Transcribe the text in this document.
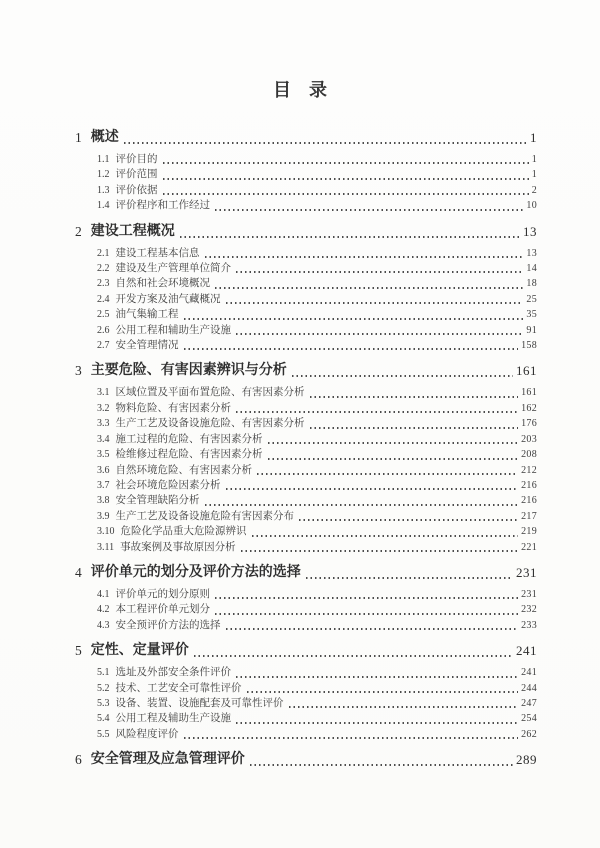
目　录
1 概述	1
1.1 评价目的	1
1.2 评价范围	1
1.3 评价依据	2
1.4 评价程序和工作经过	10
2 建设工程概况	13
2.1 建设工程基本信息	13
2.2 建设及生产管理单位简介	14
2.3 自然和社会环境概况	18
2.4 开发方案及油气藏概况	25
2.5 油气集输工程	35
2.6 公用工程和辅助生产设施	91
2.7 安全管理情况	158
3 主要危险、有害因素辨识与分析	161
3.1 区域位置及平面布置危险、有害因素分析	161
3.2 物料危险、有害因素分析	162
3.3 生产工艺及设备设施危险、有害因素分析	176
3.4 施工过程的危险、有害因素分析	203
3.5 检维修过程危险、有害因素分析	208
3.6 自然环境危险、有害因素分析	212
3.7 社会环境危险因素分析	216
3.8 安全管理缺陷分析	216
3.9 生产工艺及设备设施危险有害因素分布	217
3.10 危险化学品重大危险源辨识	219
3.11 事故案例及事故原因分析	221
4 评价单元的划分及评价方法的选择	231
4.1 评价单元的划分原则	231
4.2 本工程评价单元划分	232
4.3 安全预评价方法的选择	233
5 定性、定量评价	241
5.1 选址及外部安全条件评价	241
5.2 技术、工艺安全可靠性评价	244
5.3 设备、装置、设施配套及可靠性评价	247
5.4 公用工程及辅助生产设施	254
5.5 风险程度评价	262
6 安全管理及应急管理评价	289
